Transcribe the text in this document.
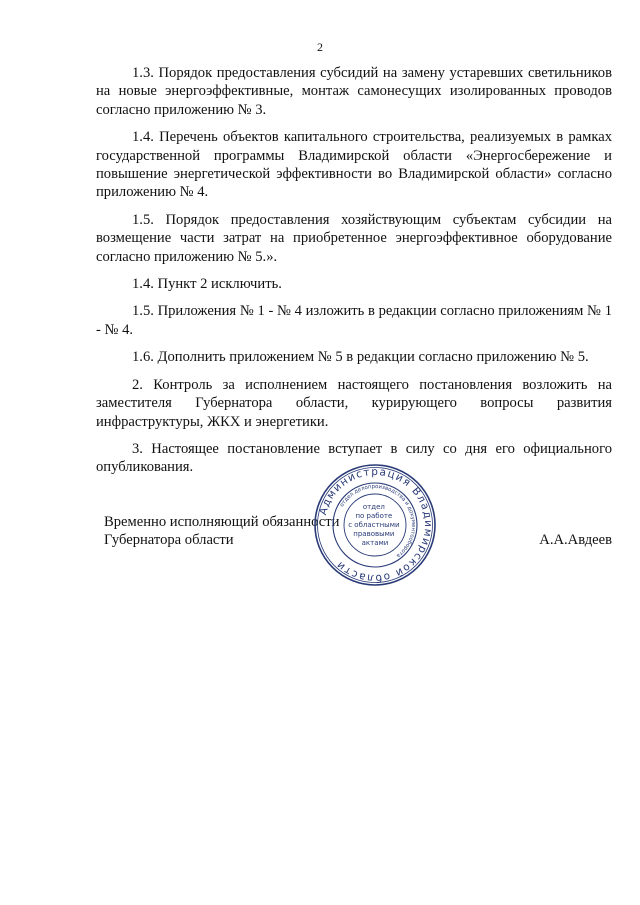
2

1.3. Порядок предоставления субсидий на замену устаревших светильников на новые энергоэффективные, монтаж самонесущих изолированных проводов согласно приложению № 3.

1.4. Перечень объектов капитального строительства, реализуемых в рамках государственной программы Владимирской области «Энергосбережение и повышение энергетической эффективности во Владимирской области» согласно приложению № 4.

1.5. Порядок предоставления хозяйствующим субъектам субсидии на возмещение части затрат на приобретенное энергоэффективное оборудование согласно приложению № 5.».

1.4. Пункт 2 исключить.

1.5. Приложения № 1 - № 4 изложить в редакции согласно приложениям № 1 - № 4.

1.6. Дополнить приложением № 5 в редакции согласно приложению № 5.

2. Контроль за исполнением настоящего постановления возложить на заместителя Губернатора области, курирующего вопросы развития инфраструктуры, ЖКХ и энергетики.

3. Настоящее постановление вступает в силу со дня его официального опубликования.

Временно исполняющий обязанности
Губернатора области	А.А.Авдеев
Администрация Владимирской области
отдел делопроизводства и документооборота
отдел по работе с областными правовыми актами
